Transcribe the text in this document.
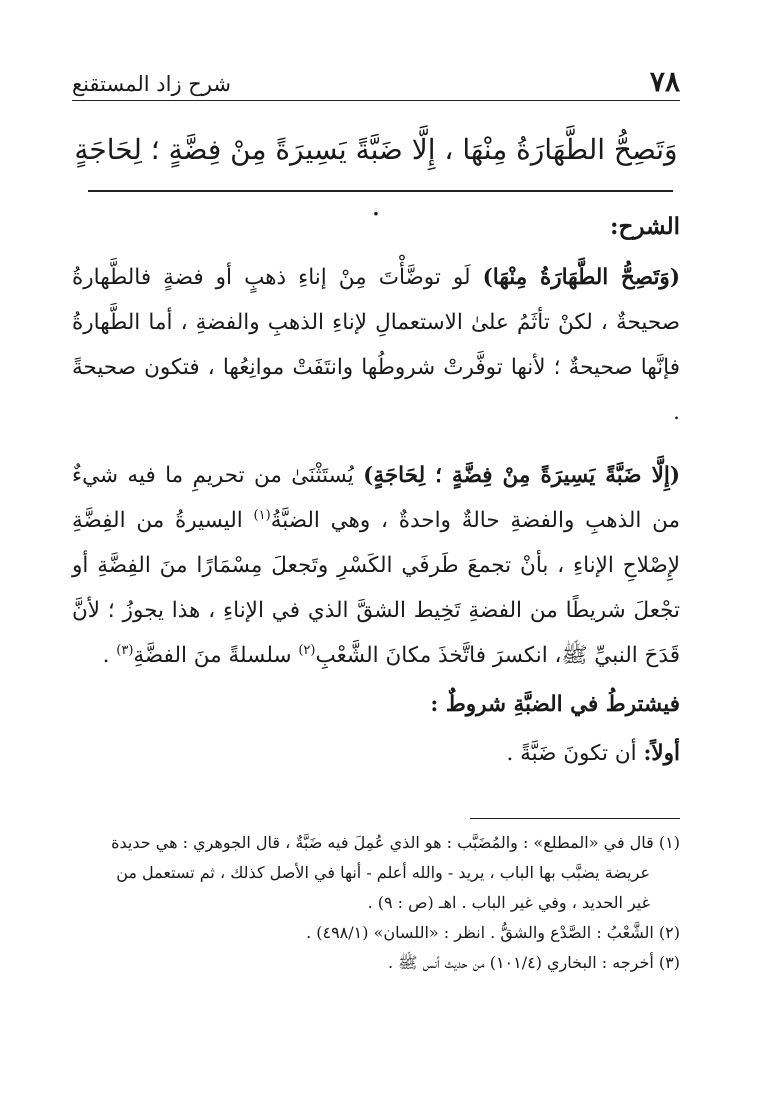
٧٨
شرح زاد المستقنع
وَتَصِحُّ الطَّهَارَةُ مِنْهَا ، إِلَّا ضَبَّةً يَسِيرَةً مِنْ فِضَّةٍ ؛ لِحَاجَةٍ .

الشرح:

(وَتَصِحُّ الطَّهَارَةُ مِنْهَا) لَو توضَّأْتَ مِنْ إناءِ ذهبٍ أو فضةٍ فالطَّهارةُ صحيحةٌ ، لكنْ تأثَمُ علىٰ الاستعمالِ لإناءِ الذهبِ والفضةِ ، أما الطَّهارةُ فإنَّها صحيحةٌ ؛ لأنها توفَّرتْ شروطُها وانتَفَتْ موانِعُها ، فتكون صحيحةً .

(إِلَّا ضَبَّةً يَسِيرَةً مِنْ فِضَّةٍ ؛ لِحَاجَةٍ) يُستَثْنَىٰ من تحريمِ ما فيه شيءٌ من الذهبِ والفضةِ حالةٌ واحدةٌ ، وهي الضبَّةُ$^{(١)}$ اليسيرةُ من الفِضَّةِ لإِصْلاحِ الإناءِ ، بأنْ تجمعَ طَرفَي الكَسْرِ وتَجعلَ مِسْمَارًا منَ الفِضَّةِ أو تجْعلَ شريطًا من الفضةِ تَخِيط الشقَّ الذي في الإناءِ ، هذا يجوزُ ؛ لأنَّ قَدَحَ النبيِّ ﷺ، انكسرَ فاتَّخذَ مكانَ الشَّعْبِ$^{(٢)}$ سلسلةً منَ الفضَّةِ$^{(٣)}$ .

فيشترطُ في الضبَّةِ شروطٌ :

أولاً: أن تكونَ ضَبَّةً .

(١) قال في «المطلع» : والمُضَبَّب : هو الذي عُمِلَ فيه ضَبَّةٌ ، قال الجوهري : هي حديدة

عريضة يضبَّب بها الباب ، يريد - والله أعلم - أنها في الأصل كذلك ، ثم تستعمل من

غير الحديد ، وفي غير الباب . اهـ (ص : ٩) .

(٢) الشَّعْبُ : الصَّدْع والشقُّ . انظر : «اللسان» (٤٩٨/١) .

(٣) أخرجه : البخاري (١٠١/٤) من حديث أنس ﷺ .
